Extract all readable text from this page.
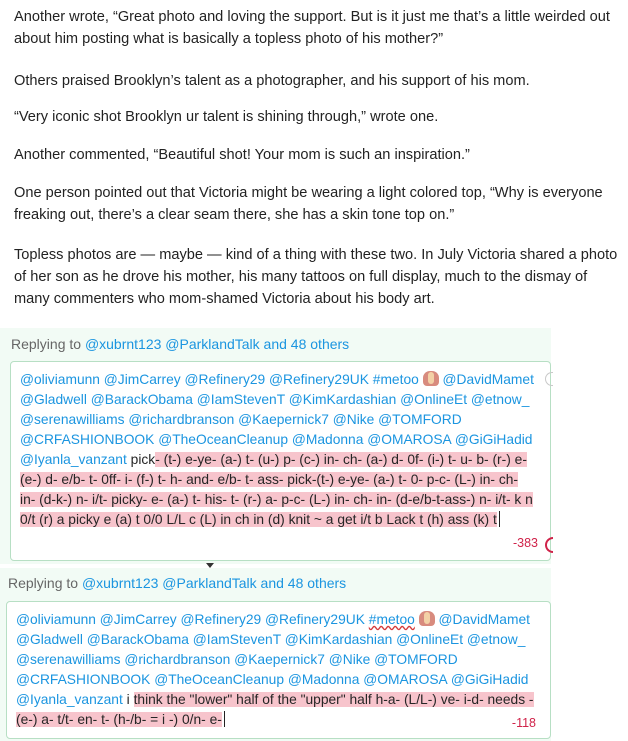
Another wrote, “Great photo and loving the support. But is it just me that’s a little weirded out about him posting what is basically a topless photo of his mother?”

Others praised Brooklyn’s talent as a photographer, and his support of his mom.

“Very iconic shot Brooklyn ur talent is shining through,” wrote one.

Another commented, “Beautiful shot! Your mom is such an inspiration.”

One person pointed out that Victoria might be wearing a light colored top, “Why is everyone freaking out, there’s a clear seam there, she has a skin tone top on.”

Topless photos are — maybe — kind of a thing with these two. In July Victoria shared a photo of her son as he drove his mother, his many tattoos on full display, much to the dismay of many commenters who mom-shamed Victoria about his body art.

Replying to @xubrnt123 @ParklandTalk and 48 others
@oliviamunn @JimCarrey @Refinery29 @Refinery29UK #metoo @DavidMamet @Gladwell @BarackObama @IamStevenT @KimKardashian @OnlineEt @etnow_ @serenawilliams @richardbranson @Kaepernick7 @Nike @TOMFORD @CRFASHIONBOOK @TheOceanCleanup @Madonna @OMAROSA @GiGiHadid @Iyanla_vanzant pick- (t-) e-ye- (a-) t- (u-) p- (c-) in- ch- (a-) d- 0f- (i-) t- u- b- (r-) e- (e-) d- e/b- t- 0ff- i- (f-) t- h- and- e/b- t- ass- pick-(t-) e-ye- (a-) t- 0- p-c- (L-) in- ch- in- (d-k-) n- i/t- picky- e- (a-) t- his- t- (r-) a- p-c- (L-) in- ch- in- (d-e/b-t-ass-) n- i/t- k n 0/t (r) a picky e (a) t 0/0 L/L c (L) in ch in (d) knit ~ a get i/t b Lack t (h) ass (k) t
-383
Replying to @xubrnt123 @ParklandTalk and 48 others
@oliviamunn @JimCarrey @Refinery29 @Refinery29UK #metoo @DavidMamet @Gladwell @BarackObama @IamStevenT @KimKardashian @OnlineEt @etnow_ @serenawilliams @richardbranson @Kaepernick7 @Nike @TOMFORD @CRFASHIONBOOK @TheOceanCleanup @Madonna @OMAROSA @GiGiHadid @Iyanla_vanzant i think the "lower" half of the "upper" half h-a- (L/L-) ve- i-d- needs -(e-) a- t/t- en- t- (h-/b- = i -) 0/n- e-	-118
